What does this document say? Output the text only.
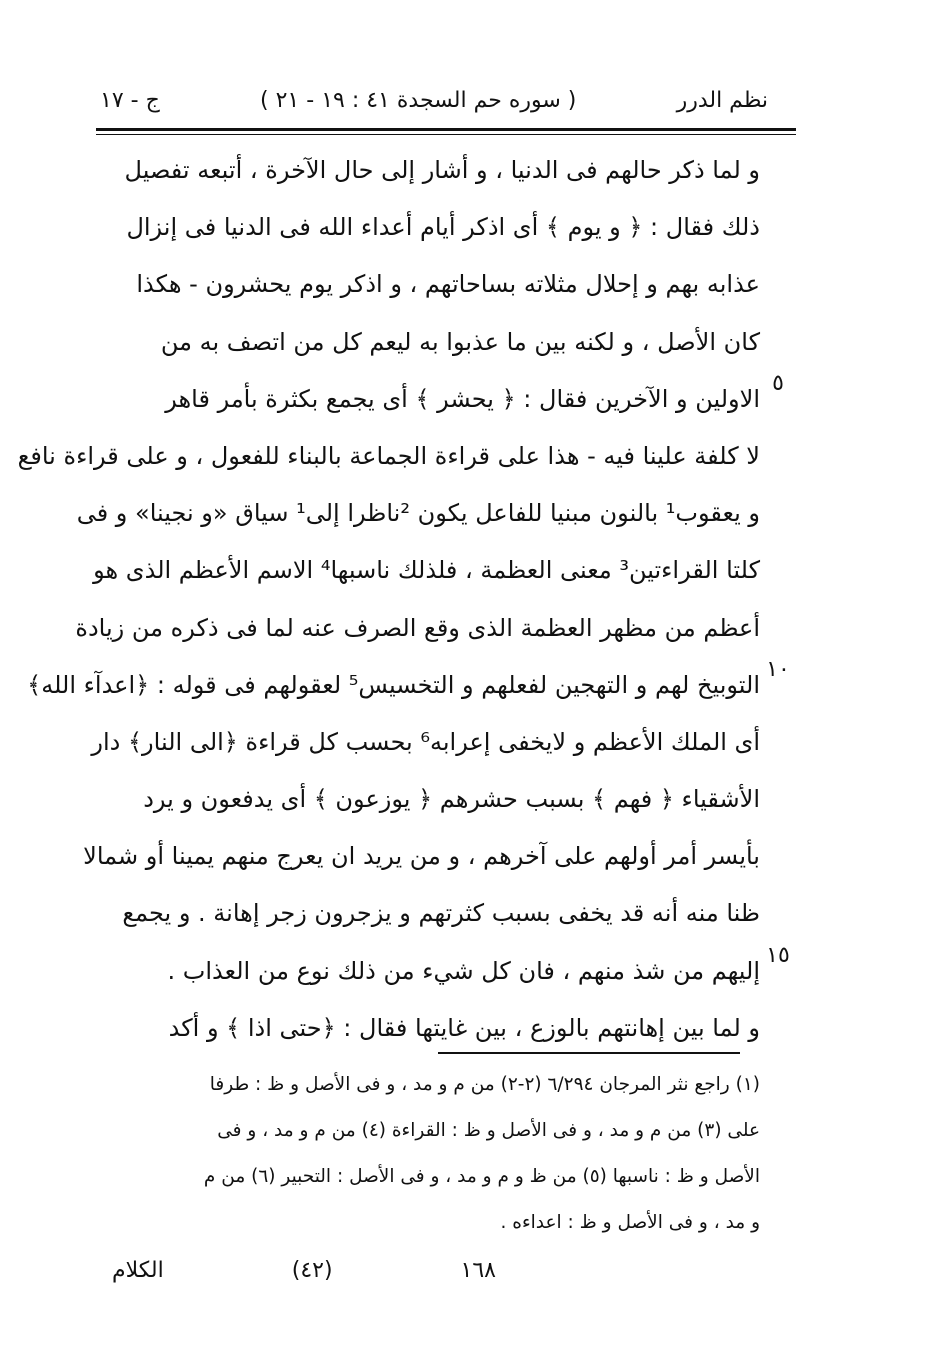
نظم الدرر
( سوره حم السجدة ٤١ : ١٩ - ٢١ )
ج - ١٧
و لما ذكر حالهم فى الدنيا ، و أشار إلى حال الآخرة ، أتبعه تفصيل
ذلك فقال : ﴿ و يوم ﴾ أى اذكر أيام أعداء الله فى الدنيا فى إنزال
عذابه بهم و إحلال مثلاته بساحاتهم ، و اذكر يوم يحشرون - هكذا
كان الأصل ، و لكنه بين ما عذبوا به ليعم كل من اتصف به من
الاولين و الآخرين فقال : ﴿ يحشر ﴾ أى يجمع بكثرة بأمر قاهر
لا كلفة علينا فيه - هذا على قراءة الجماعة بالبناء للفعول ، و على قراءة نافع
و يعقوب¹ بالنون مبنيا للفاعل يكون ²ناظرا إلى¹ سياق «و نجينا» و فى
كلتا القراءتين³ معنى العظمة ، فلذلك ناسبها⁴ الاسم الأعظم الذى هو
أعظم من مظهر العظمة الذى وقع الصرف عنه لما فى ذكره من زيادة
التوبيخ لهم و التهجين لفعلهم و التخسيس⁵ لعقولهم فى قوله : ﴿اعدآء الله﴾
أى الملك الأعظم و لايخفى إعرابه⁶ بحسب كل قراءة ﴿الى النار﴾ دار
الأشقياء ﴿ فهم ﴾ بسبب حشرهم ﴿ يوزعون ﴾ أى يدفعون و يرد
بأيسر أمر أولهم على آخرهم ، و من يريد ان يعرج منهم يمينا أو شمالا
ظنا منه أنه قد يخفى بسبب كثرتهم و يزجرون زجر إهانة . و يجمع
إليهم من شذ منهم ، فان كل شيء من ذلك نوع من العذاب .
و لما بين إهانتهم بالوزع ، بين غايتها فقال : ﴿حتى اذا ﴾ و أكد
٥
١٠
١٥
(١) راجع نثر المرجان ٦/٢٩٤ (٢-٢) من م و مد ، و فى الأصل و ظ : طرفا
على (٣) من م و مد ، و فى الأصل و ظ : القراءة (٤) من م و مد ، و فى
الأصل و ظ : ناسبها (٥) من ظ و م و مد ، و فى الأصل : التحبير (٦) من م
و مد ، و فى الأصل و ظ : اعداءه .
١٦٨
(٤٢)
الكلام
